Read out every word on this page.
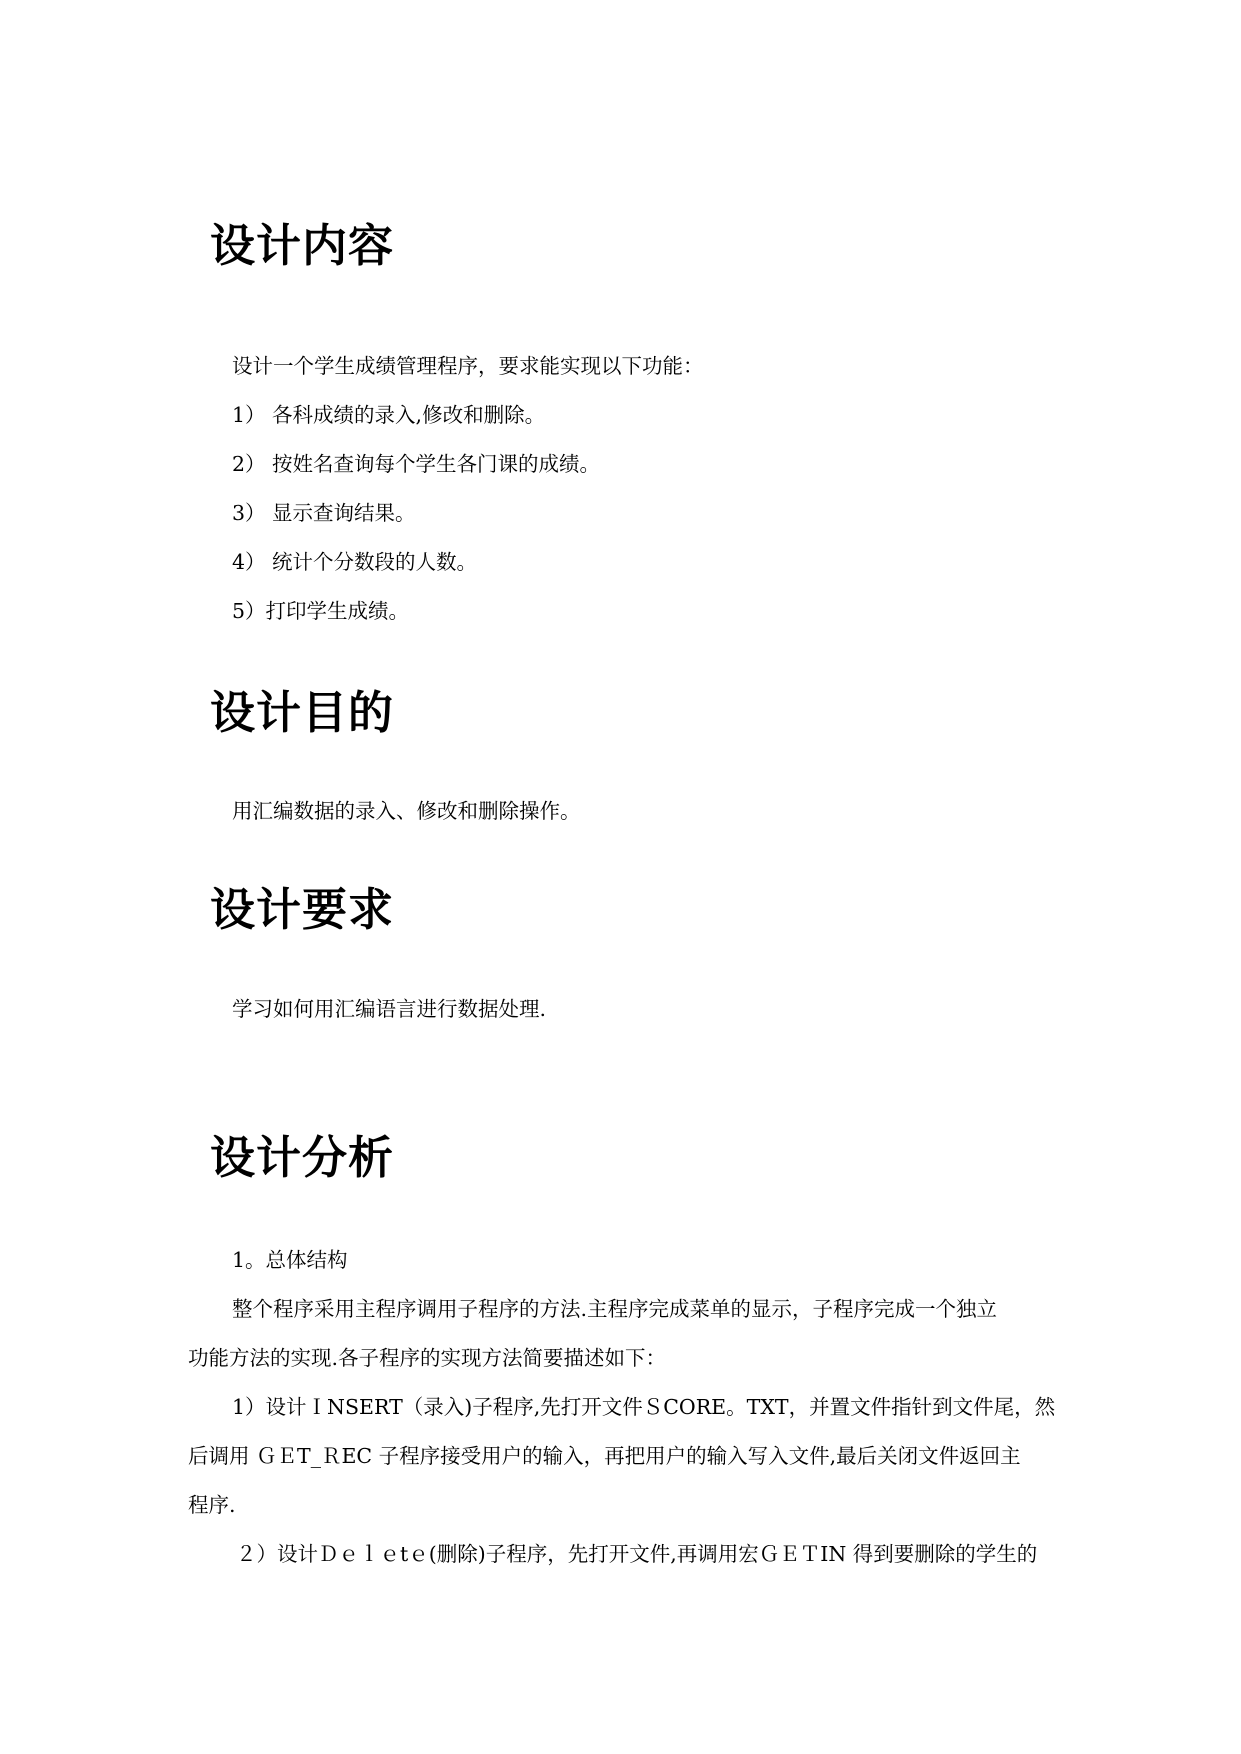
设计内容

设计一个学生成绩管理程序，要求能实现以下功能：

1） 各科成绩的录入,修改和删除。

2） 按姓名查询每个学生各门课的成绩。

3） 显示查询结果。

4） 统计个分数段的人数。

5）打印学生成绩。

设计目的

用汇编数据的录入、修改和删除操作。

设计要求

学习如何用汇编语言进行数据处理.

设计分析

1。总体结构

整个程序采用主程序调用子程序的方法.主程序完成菜单的显示，子程序完成一个独立

功能方法的实现.各子程序的实现方法简要描述如下：

1）设计ＩNSERT（录入)子程序,先打开文件ＳCORE。TXT，并置文件指针到文件尾，然

后调用 ＧＥT_ＲEC 子程序接受用户的输入，再把用户的输入写入文件,最后关闭文件返回主

程序.

２）设计Ｄｅｌｅtｅ(删除)子程序，先打开文件,再调用宏ＧＥＴIN 得到要删除的学生的
